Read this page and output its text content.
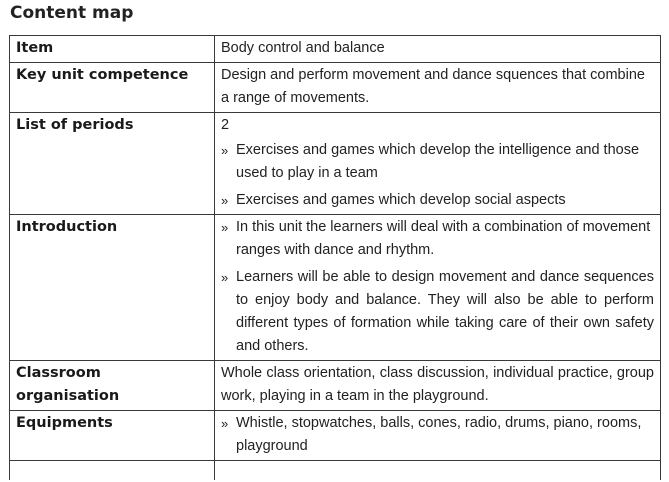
Content map
Item	Body control and balance
Key unit competence	Design and perform movement and dance squences that combine a range of movements.
List of periods	2
» Exercises and games which develop the intelligence and those used to play in a team
» Exercises and games which develop social aspects

Introduction	» In this unit the learners will deal with a combination of movement ranges with dance and rhythm.
» Learners will be able to design movement and dance sequences to enjoy body and balance. They will also be able to perform different types of formation while taking care of their own safety and others.

Classroom organisation	Whole class orientation, class discussion, individual practice, group work, playing in a team in the playground.
Equipments	» Whistle, stopwatches, balls, cones, radio, drums, piano, rooms, playground
